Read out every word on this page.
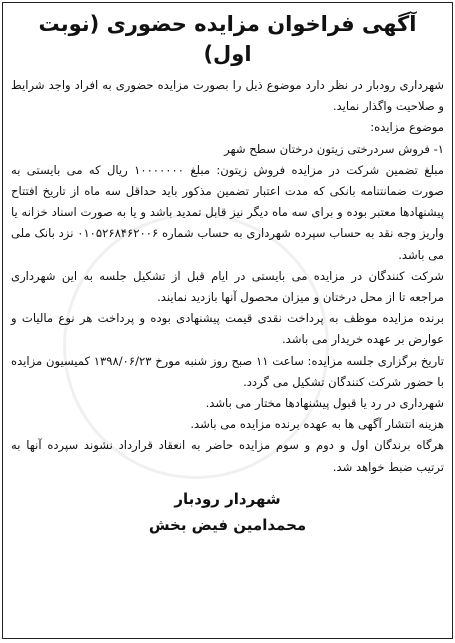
آگهی فراخوان مزایده حضوری (نوبت اول)

شهرداری رودبار در نظر دارد موضوع ذیل را بصورت مزایده حضوری به افراد واجد شرایط و صلاحیت واگذار نماید.

موضوع مزایده:

۱- فروش سردرختی زیتون درختان سطح شهر

مبلغ تضمین شرکت در مزایده فروش زیتون: مبلغ ۱۰۰۰۰۰۰۰ ریال که می بایستی به صورت ضمانتنامه بانکی که مدت اعتبار تضمین مذکور باید حداقل سه ماه از تاریخ افتتاح پیشنهادها معتبر بوده و برای سه ماه دیگر نیز قابل تمدید باشد و یا به صورت اسناد خزانه یا واریز وجه نقد به حساب سپرده شهرداری به حساب شماره ۰۱۰۵۲۶۸۴۶۲۰۰۶ نزد بانک ملی می باشد.

شرکت کنندگان در مزایده می بایستی در ایام قبل از تشکیل جلسه به این شهرداری مراجعه تا از محل درختان و میزان محصول آنها بازدید نمایند.

برنده مزایده موظف به پرداخت نقدی قیمت پیشنهادی بوده و پرداخت هر نوع مالیات و عوارض بر عهده خریدار می باشد.

تاریخ برگزاری جلسه مزایده: ساعت ۱۱ صبح روز شنبه مورخ ۱۳۹۸/۰۶/۲۳ کمیسیون مزایده با حضور شرکت کنندگان تشکیل می گردد.

شهرداری در رد یا قبول پیشنهادها مختار می باشد.

هزینه انتشار آگهی ها به عهده برنده مزایده می باشد.

هرگاه برندگان اول و دوم و سوم مزایده حاضر به انعقاد قرارداد نشوند سپرده آنها به ترتیب ضبط خواهد شد.

شهردار رودبار
محمدامین فیض بخش
